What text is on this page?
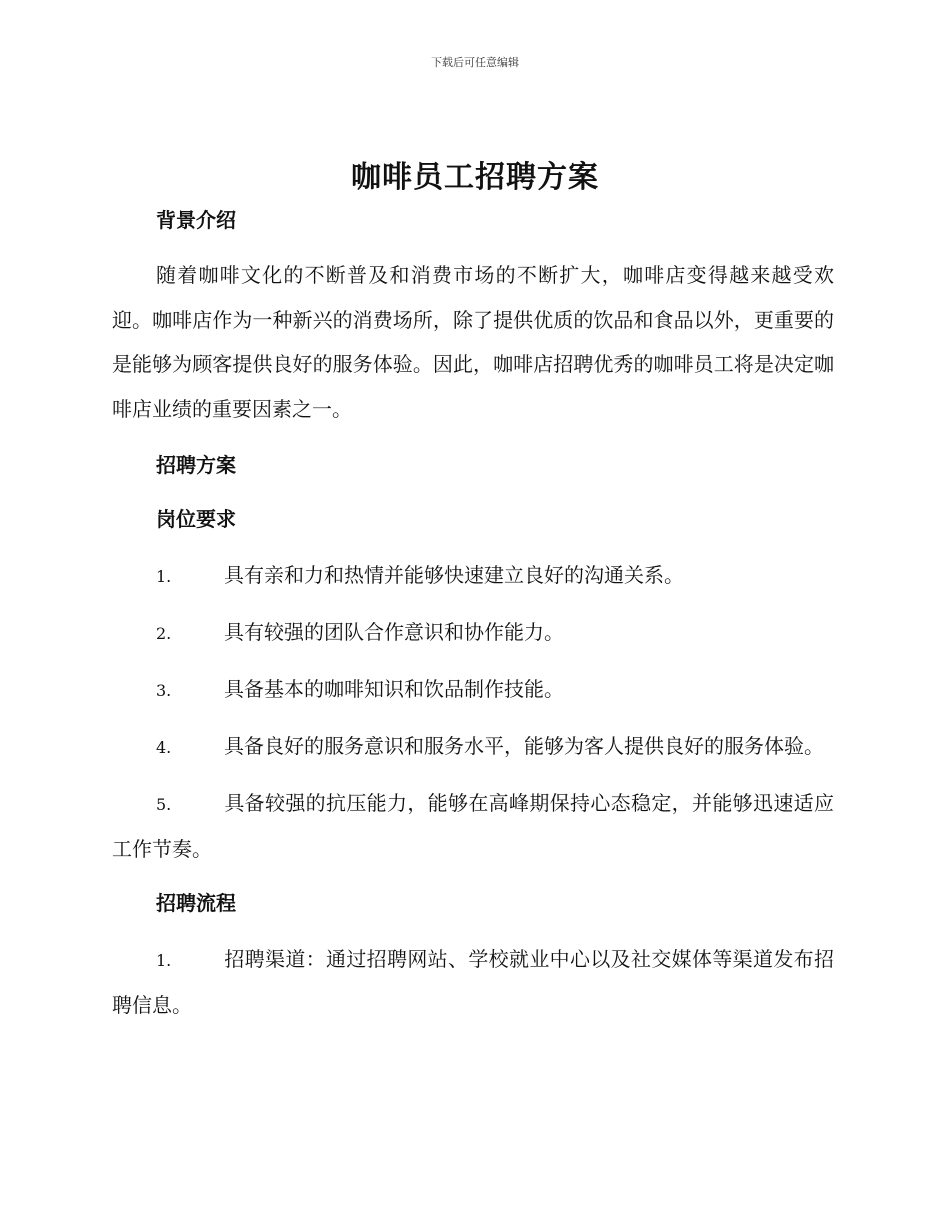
下载后可任意编辑
咖啡员工招聘方案
背景介绍

随着咖啡文化的不断普及和消费市场的不断扩大，咖啡店变得越来越受欢迎。咖啡店作为一种新兴的消费场所，除了提供优质的饮品和食品以外，更重要的是能够为顾客提供良好的服务体验。因此，咖啡店招聘优秀的咖啡员工将是决定咖啡店业绩的重要因素之一。

招聘方案
岗位要求

1.	具有亲和力和热情并能够快速建立良好的沟通关系。

2.	具有较强的团队合作意识和协作能力。

3.	具备基本的咖啡知识和饮品制作技能。

4.	具备良好的服务意识和服务水平，能够为客人提供良好的服务体验。

5.	具备较强的抗压能力，能够在高峰期保持心态稳定，并能够迅速适应工作节奏。

招聘流程

1.	招聘渠道：通过招聘网站、学校就业中心以及社交媒体等渠道发布招聘信息。
